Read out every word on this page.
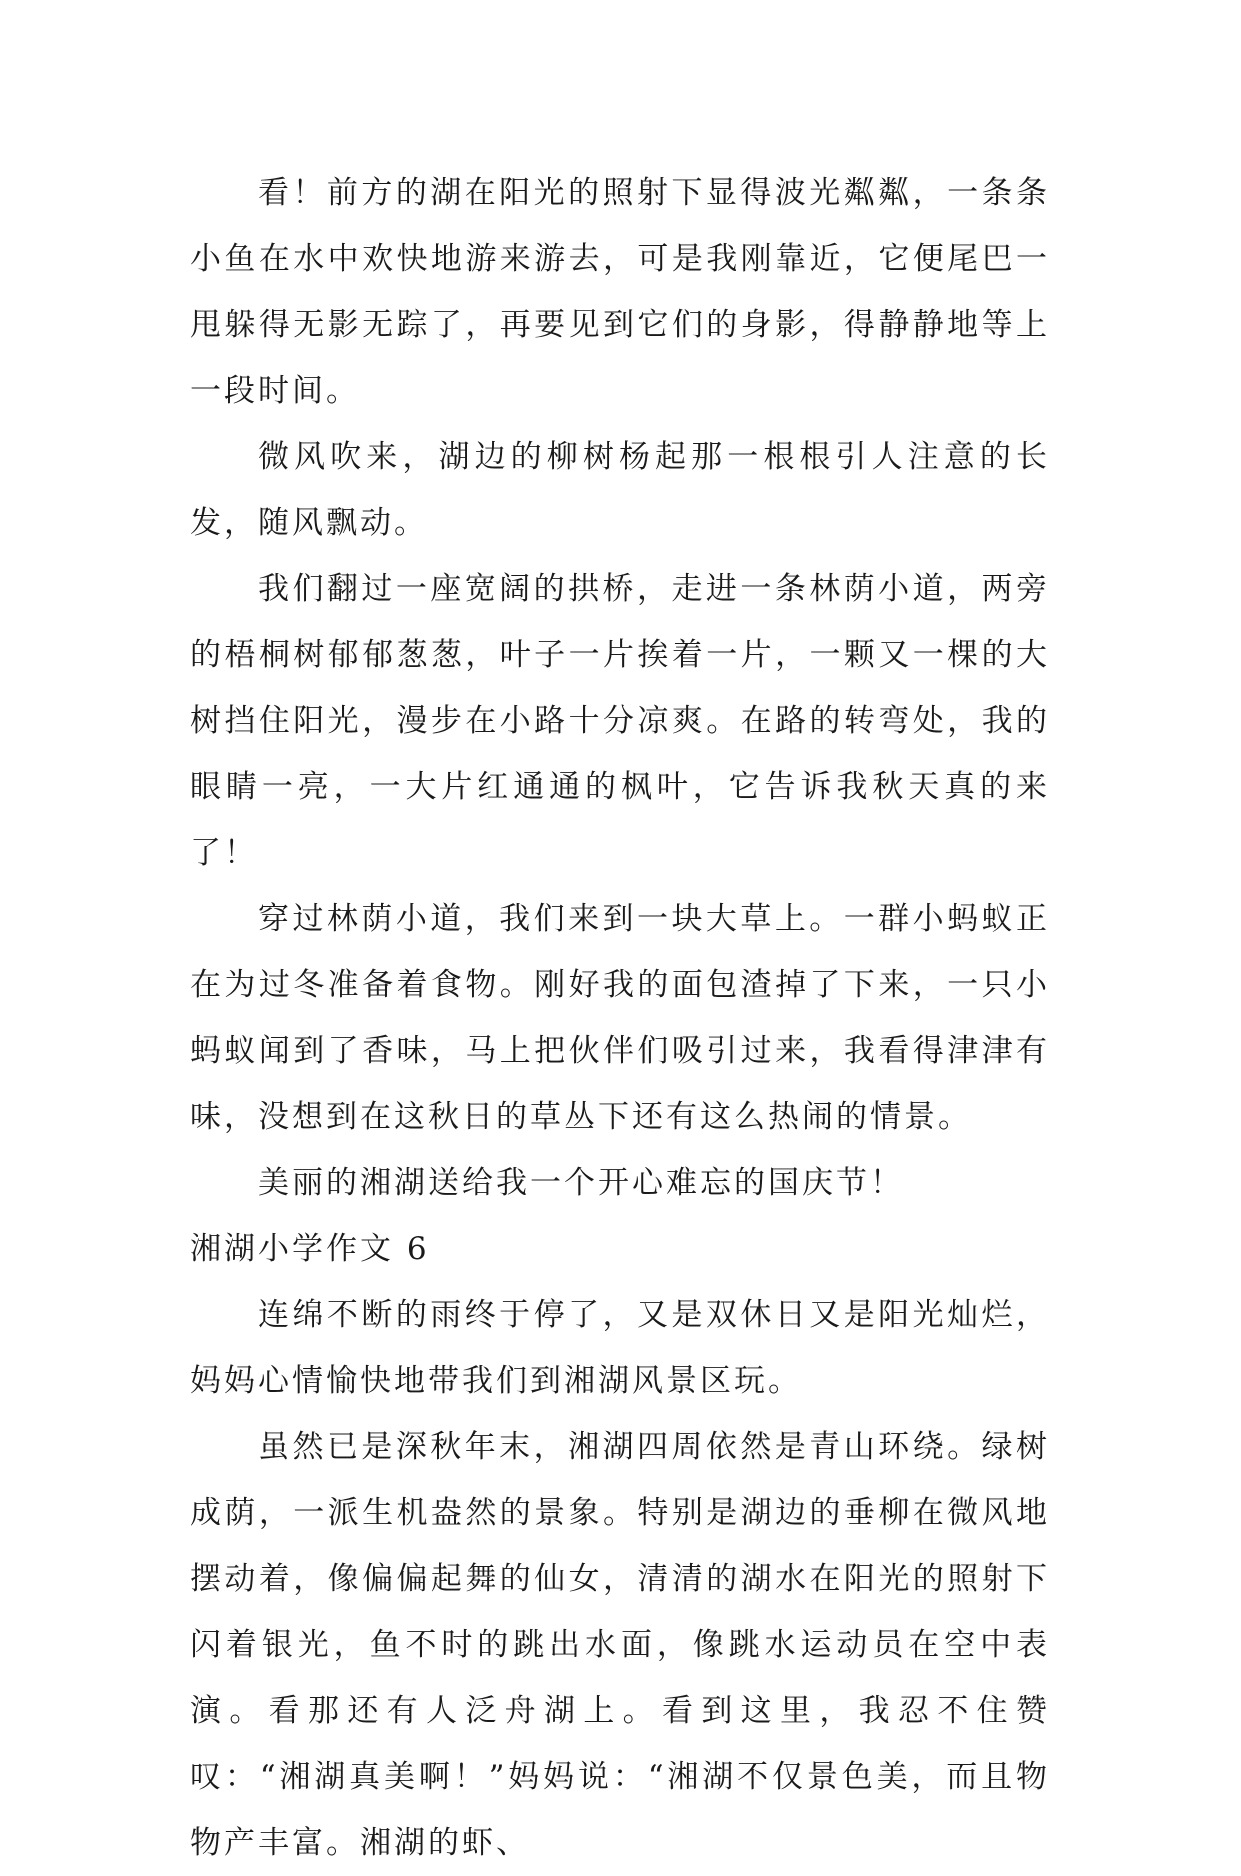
看！前方的湖在阳光的照射下显得波光粼粼，一条条小鱼在水中欢快地游来游去，可是我刚靠近，它便尾巴一甩躲得无影无踪了，再要见到它们的身影，得静静地等上一段时间。

微风吹来，湖边的柳树杨起那一根根引人注意的长发，随风飘动。

我们翻过一座宽阔的拱桥，走进一条林荫小道，两旁的梧桐树郁郁葱葱，叶子一片挨着一片，一颗又一棵的大树挡住阳光，漫步在小路十分凉爽。在路的转弯处，我的眼睛一亮，一大片红通通的枫叶，它告诉我秋天真的来了！

穿过林荫小道，我们来到一块大草上。一群小蚂蚁正在为过冬准备着食物。刚好我的面包渣掉了下来，一只小蚂蚁闻到了香味，马上把伙伴们吸引过来，我看得津津有味，没想到在这秋日的草丛下还有这么热闹的情景。

美丽的湘湖送给我一个开心难忘的国庆节！

湘湖小学作文 6

连绵不断的雨终于停了，又是双休日又是阳光灿烂，妈妈心情愉快地带我们到湘湖风景区玩。

虽然已是深秋年末，湘湖四周依然是青山环绕。绿树成荫，一派生机盎然的景象。特别是湖边的垂柳在微风地摆动着，像偏偏起舞的仙女，清清的湖水在阳光的照射下闪着银光，鱼不时的跳出水面，像跳水运动员在空中表演。看那还有人泛舟湖上。看到这里，我忍不住赞叹：“湘湖真美啊！”妈妈说：“湘湖不仅景色美，而且物物产丰富。湘湖的虾、
